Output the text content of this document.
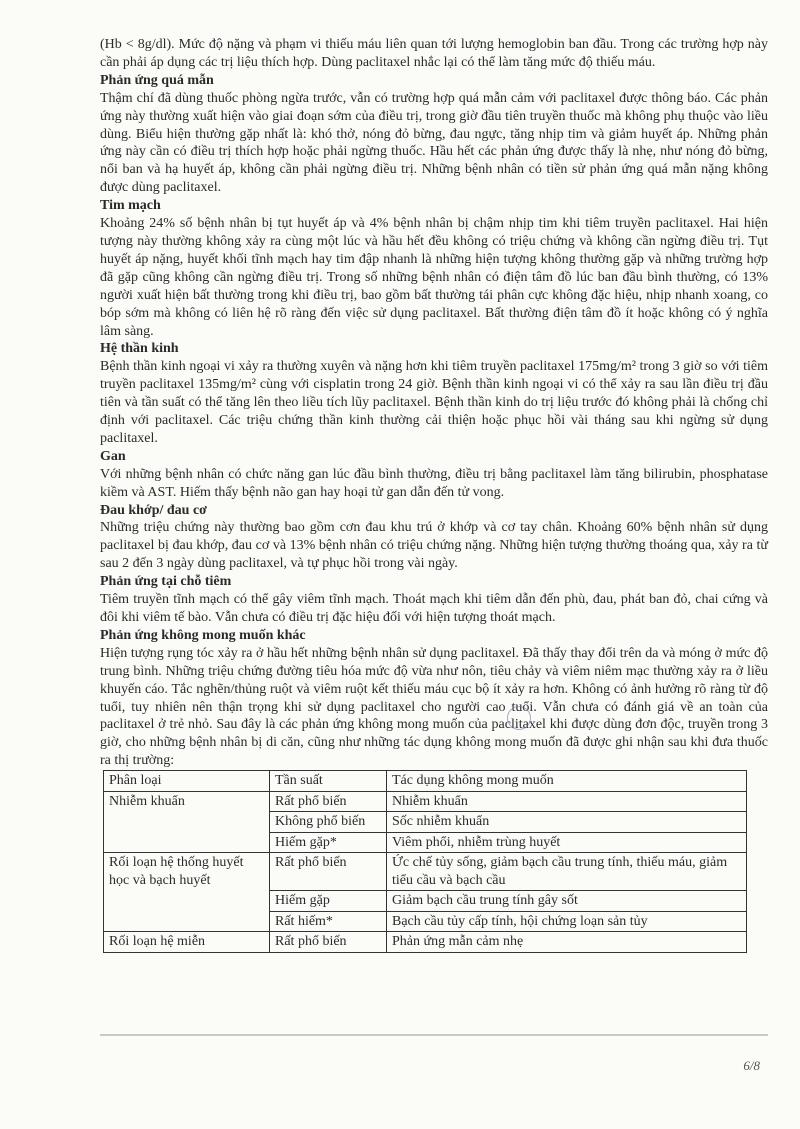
(Hb < 8g/dl). Mức độ nặng và phạm vi thiếu máu liên quan tới lượng hemoglobin ban đầu. Trong các trường hợp này cần phải áp dụng các trị liệu thích hợp. Dùng paclitaxel nhắc lại có thể làm tăng mức độ thiếu máu.

Phản ứng quá mẫn

Thậm chí đã dùng thuốc phòng ngừa trước, vẫn có trường hợp quá mẫn cảm với paclitaxel được thông báo. Các phản ứng này thường xuất hiện vào giai đoạn sớm của điều trị, trong giờ đầu tiên truyền thuốc mà không phụ thuộc vào liều dùng. Biểu hiện thường gặp nhất là: khó thở, nóng đỏ bừng, đau ngực, tăng nhịp tim và giảm huyết áp. Những phản ứng này cần có điều trị thích hợp hoặc phải ngừng thuốc. Hầu hết các phản ứng được thấy là nhẹ, như nóng đỏ bừng, nổi ban và hạ huyết áp, không cần phải ngừng điều trị. Những bệnh nhân có tiền sử phản ứng quá mẫn nặng không được dùng paclitaxel.

Tim mạch

Khoảng 24% số bệnh nhân bị tụt huyết áp và 4% bệnh nhân bị chậm nhịp tim khi tiêm truyền paclitaxel. Hai hiện tượng này thường không xảy ra cùng một lúc và hầu hết đều không có triệu chứng và không cần ngừng điều trị. Tụt huyết áp nặng, huyết khối tĩnh mạch hay tim đập nhanh là những hiện tượng không thường gặp và những trường hợp đã gặp cũng không cần ngừng điều trị. Trong số những bệnh nhân có điện tâm đồ lúc ban đầu bình thường, có 13% người xuất hiện bất thường trong khi điều trị, bao gồm bất thường tái phân cực không đặc hiệu, nhịp nhanh xoang, co bóp sớm mà không có liên hệ rõ ràng đến việc sử dụng paclitaxel. Bất thường điện tâm đồ ít hoặc không có ý nghĩa lâm sàng.

Hệ thần kinh

Bệnh thần kinh ngoại vi xảy ra thường xuyên và nặng hơn khi tiêm truyền paclitaxel 175mg/m² trong 3 giờ so với tiêm truyền paclitaxel 135mg/m² cùng với cisplatin trong 24 giờ. Bệnh thần kinh ngoại vi có thể xảy ra sau lần điều trị đầu tiên và tần suất có thể tăng lên theo liều tích lũy paclitaxel. Bệnh thần kinh do trị liệu trước đó không phải là chống chỉ định với paclitaxel. Các triệu chứng thần kinh thường cải thiện hoặc phục hồi vài tháng sau khi ngừng sử dụng paclitaxel.

Gan

Với những bệnh nhân có chức năng gan lúc đầu bình thường, điều trị bằng paclitaxel làm tăng bilirubin, phosphatase kiềm và AST. Hiếm thấy bệnh não gan hay hoại tử gan dẫn đến tử vong.

Đau khớp/ đau cơ

Những triệu chứng này thường bao gồm cơn đau khu trú ở khớp và cơ tay chân. Khoảng 60% bệnh nhân sử dụng paclitaxel bị đau khớp, đau cơ và 13% bệnh nhân có triệu chứng nặng. Những hiện tượng thường thoáng qua, xảy ra từ sau 2 đến 3 ngày dùng paclitaxel, và tự phục hồi trong vài ngày.

Phản ứng tại chỗ tiêm

Tiêm truyền tĩnh mạch có thể gây viêm tĩnh mạch. Thoát mạch khi tiêm dẫn đến phù, đau, phát ban đỏ, chai cứng và đôi khi viêm tế bào. Vẫn chưa có điều trị đặc hiệu đối với hiện tượng thoát mạch.

Phản ứng không mong muốn khác

Hiện tượng rụng tóc xảy ra ở hầu hết những bệnh nhân sử dụng paclitaxel. Đã thấy thay đổi trên da và móng ở mức độ trung bình. Những triệu chứng đường tiêu hóa mức độ vừa như nôn, tiêu chảy và viêm niêm mạc thường xảy ra ở liều khuyến cáo. Tắc nghẽn/thủng ruột và viêm ruột kết thiếu máu cục bộ ít xảy ra hơn. Không có ảnh hưởng rõ ràng từ độ tuổi, tuy nhiên nên thận trọng khi sử dụng paclitaxel cho người cao tuổi. Vẫn chưa có đánh giá về an toàn của paclitaxel ở trẻ nhỏ. Sau đây là các phản ứng không mong muốn của paclitaxel khi được dùng đơn độc, truyền trong 3 giờ, cho những bệnh nhân bị di căn, cũng như những tác dụng không mong muốn đã được ghi nhận sau khi đưa thuốc ra thị trường:

Phân loại	Tần suất	Tác dụng không mong muốn
Nhiễm khuẩn	Rất phổ biến	Nhiễm khuẩn
	Không phổ biến	Sốc nhiễm khuẩn
	Hiếm gặp*	Viêm phổi, nhiễm trùng huyết
Rối loạn hệ thống huyết học và bạch huyết	Rất phổ biến	Ức chế tủy sống, giảm bạch cầu trung tính, thiếu máu, giảm tiểu cầu và bạch cầu
	Hiếm gặp	Giảm bạch cầu trung tính gây sốt
	Rất hiếm*	Bạch cầu tủy cấp tính, hội chứng loạn sản tủy
Rối loạn hệ miễn	Rất phổ biến	Phản ứng mẫn cảm nhẹ
6/8
